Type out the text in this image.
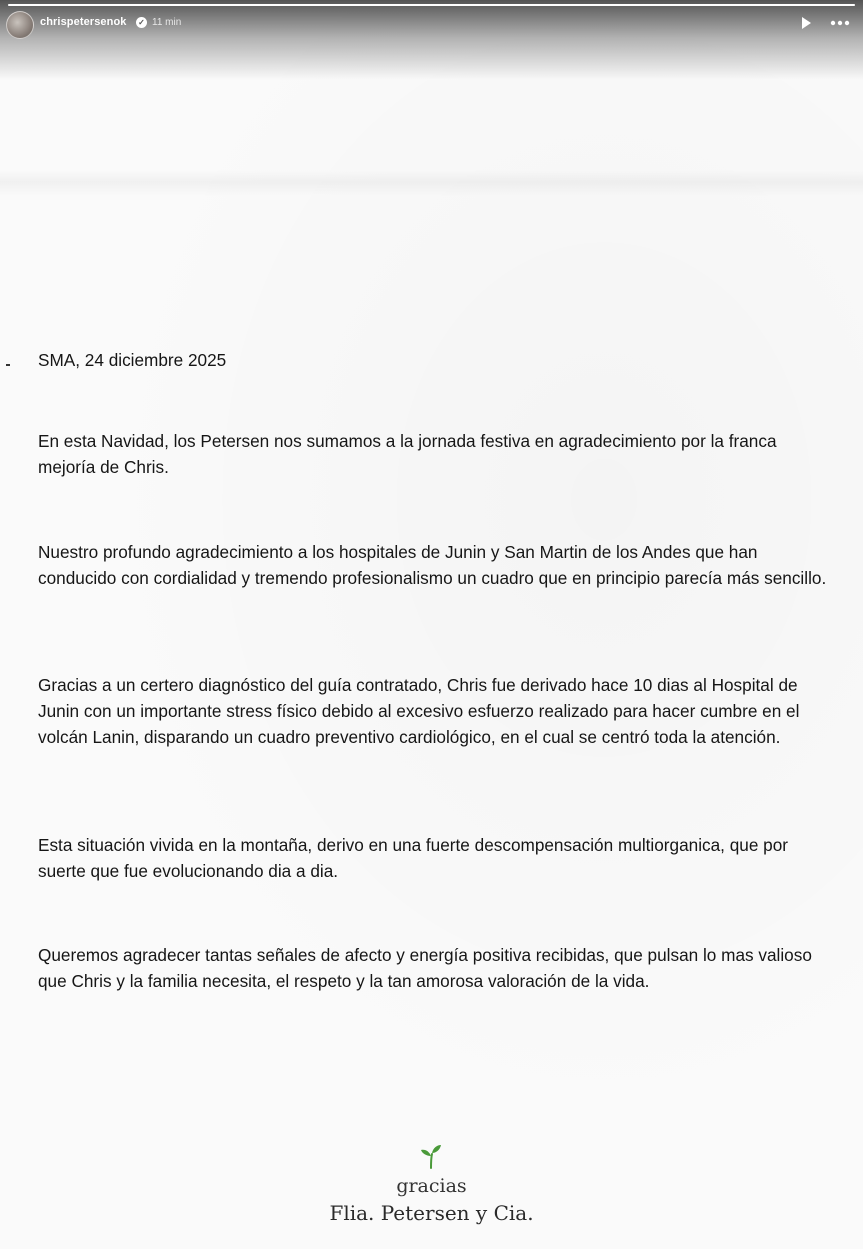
chrispetersenok ✓ 11 min

SMA, 24 diciembre 2025

En esta Navidad, los Petersen nos sumamos a la jornada festiva en agradecimiento por la franca mejoría de Chris.

Nuestro profundo agradecimiento a los hospitales de Junin y San Martin de los Andes que han conducido con cordialidad y tremendo profesionalismo un cuadro que en principio parecía más sencillo.

Gracias a un certero diagnóstico del guía contratado, Chris fue derivado hace 10 dias al Hospital de Junin con un importante stress físico debido al excesivo esfuerzo realizado para hacer cumbre en el volcán Lanin, disparando un cuadro preventivo cardiológico, en el cual se centró toda la atención.

Esta situación vivida en la montaña, derivo en una fuerte descompensación multiorganica, que por suerte que fue evolucionando dia a dia.

Queremos agradecer tantas señales de afecto y energía positiva recibidas, que pulsan lo mas valioso que Chris y la familia necesita, el respeto y la tan amorosa valoración de la vida.

gracias
Flia. Petersen y Cia.
